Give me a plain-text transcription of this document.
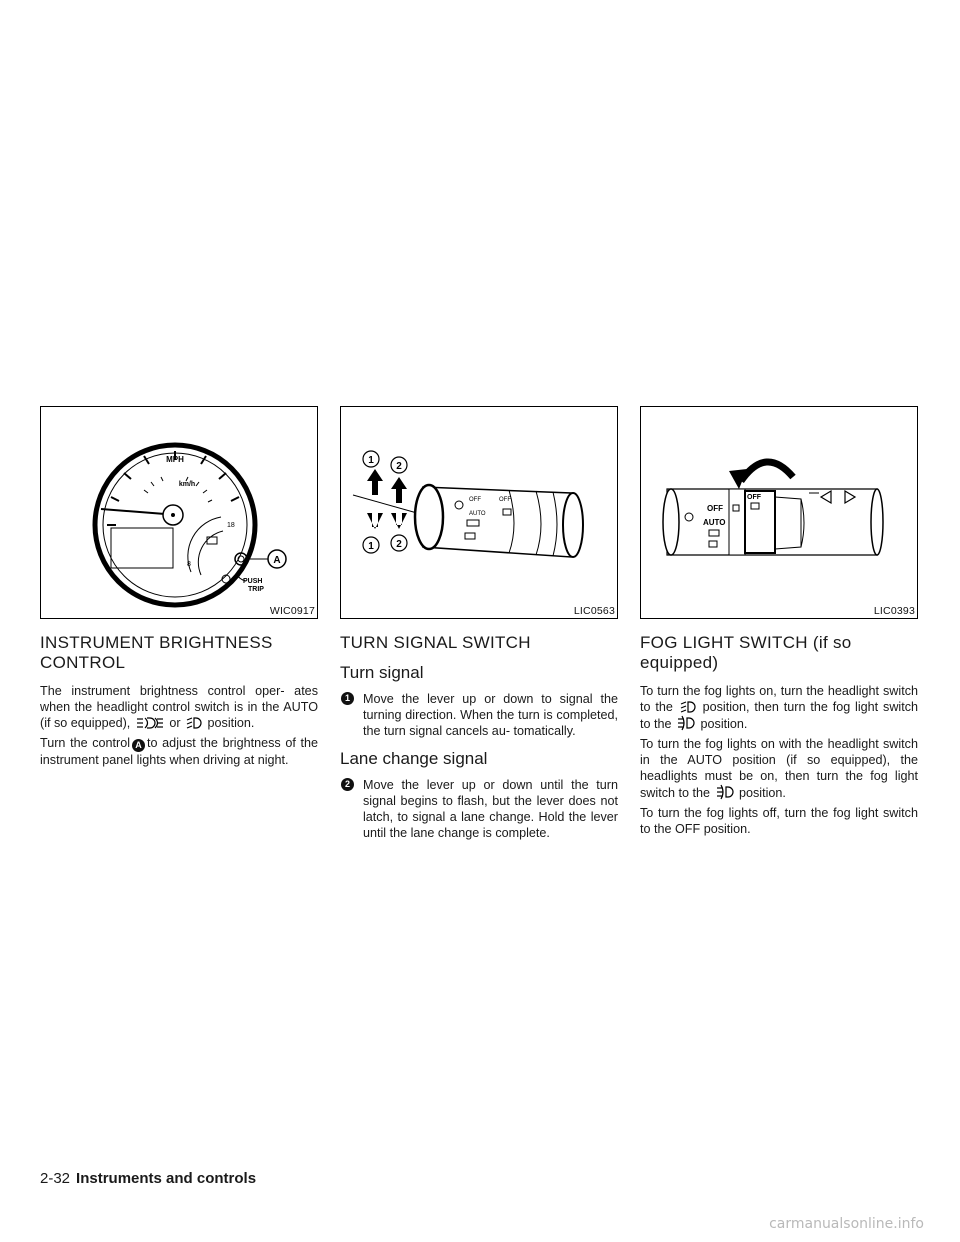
MPH
km/h
18
8	A
PUSH
TRIP
WIC0917
INSTRUMENT BRIGHTNESS CONTROL

The instrument brightness control oper- ates when the headlight control switch is in the AUTO (if so equipped),	or position.

Turn the control A to adjust the brightness of the instrument panel lights when driving at night.

OFF
AUTO
OFF
1
2
1 2
LIC0563
TURN SIGNAL SWITCH
Turn signal
1	Move the lever up or down to signal the turning direction. When the turn is completed, the turn signal cancels au- tomatically.

Lane change signal
2	Move the lever up or down until the turn signal begins to flash, but the lever does not latch, to signal a lane change. Hold the lever until the lane change is complete.

OFF
AUTO
OFF
LIC0393
FOG LIGHT SWITCH (if so equipped)

To turn the fog lights on, turn the headlight switch to the position, then turn the fog light switch to the position.

To turn the fog lights on with the headlight switch in the AUTO position (if so equipped), the headlights must be on, then turn the fog light switch to the position.

To turn the fog lights off, turn the fog light switch to the OFF position.

2-32 Instruments and controls
carmanualsonline.info
